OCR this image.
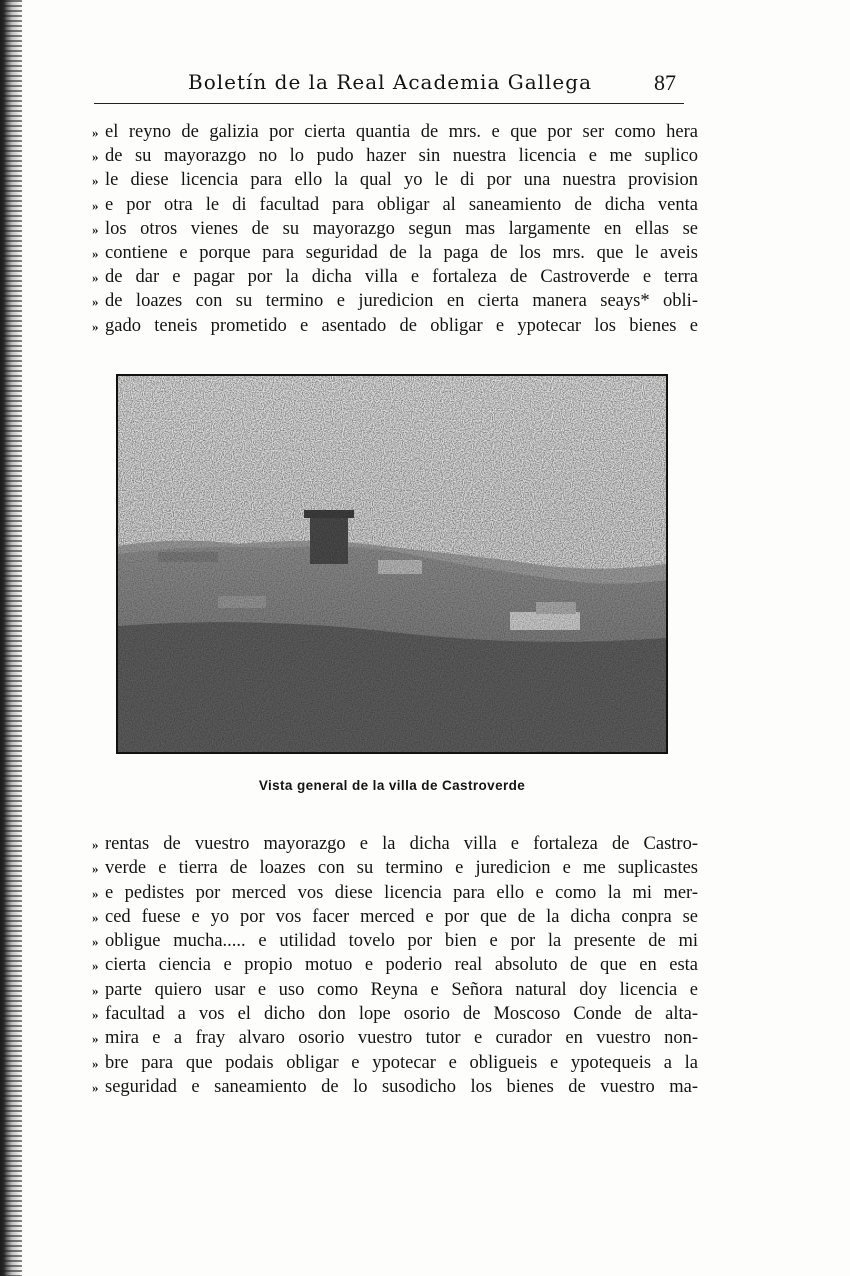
Boletín de la Real Academia Gallega	87
» el reyno de galizia por cierta quantia de mrs. e que por ser como hera
» de su mayorazgo no lo pudo hazer sin nuestra licencia e me suplico
» le diese licencia para ello la qual yo le di por una nuestra provision
» e por otra le di facultad para obligar al saneamiento de dicha venta
» los otros vienes de su mayorazgo segun mas largamente en ellas se
» contiene e porque para seguridad de la paga de los mrs. que le aveis
» de dar e pagar por la dicha villa e fortaleza de Castroverde e terra
» de loazes con su termino e juredicion en cierta manera seays* obli-
» gado teneis prometido e asentado de obligar e ypotecar los bienes e
Vista general de la villa de Castroverde
» rentas de vuestro mayorazgo e la dicha villa e fortaleza de Castro-
» verde e tierra de loazes con su termino e juredicion e me suplicastes
» e pedistes por merced vos diese licencia para ello e como la mi mer-
» ced fuese e yo por vos facer merced e por que de la dicha conpra se
» obligue mucha..... e utilidad tovelo por bien e por la presente de mi
» cierta ciencia e propio motuo e poderio real absoluto de que en esta
» parte quiero usar e uso como Reyna e Señora natural doy licencia e
» facultad a vos el dicho don lope osorio de Moscoso Conde de alta-
» mira e a fray alvaro osorio vuestro tutor e curador en vuestro non-
» bre para que podais obligar e ypotecar e obligueis e ypotequeis a la
» seguridad e saneamiento de lo susodicho los bienes de vuestro ma-
